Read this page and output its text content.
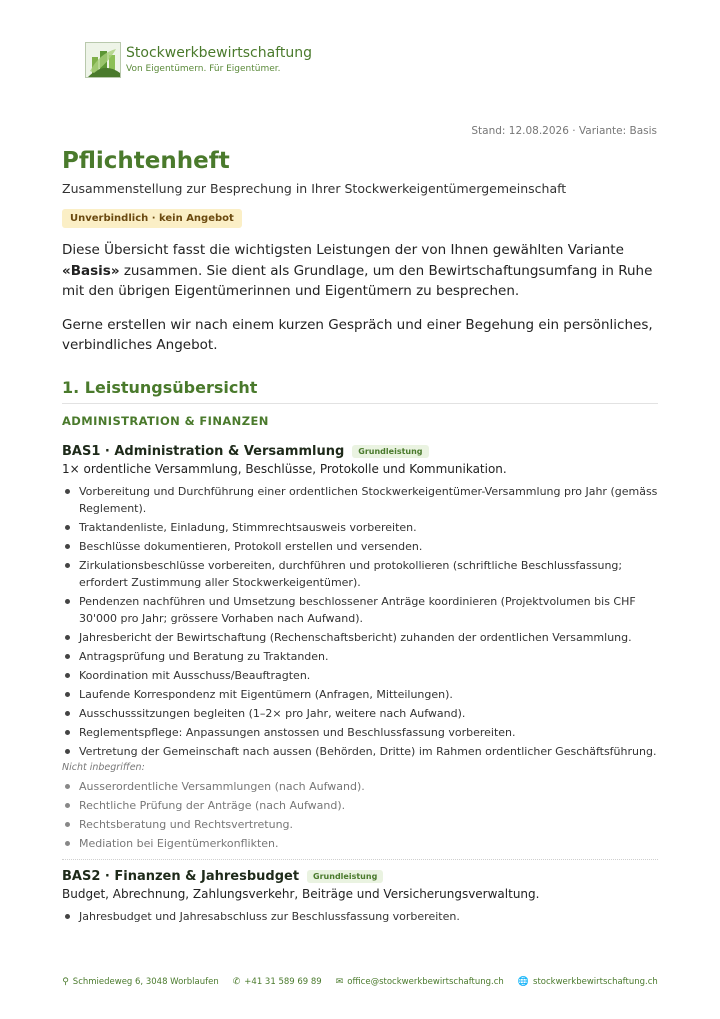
Stockwerkbewirtschaftung
Von Eigentümern. Für Eigentümer.
Stand: 12.08.2026 · Variante: Basis
Pflichtenheft
Zusammenstellung zur Besprechung in Ihrer Stockwerkeigentümergemeinschaft
Unverbindlich · kein Angebot
Diese Übersicht fasst die wichtigsten Leistungen der von Ihnen gewählten Variante «Basis» zusammen. Sie dient als Grundlage, um den Bewirtschaftungsumfang in Ruhe mit den übrigen Eigentümerinnen und Eigentümern zu besprechen.
Gerne erstellen wir nach einem kurzen Gespräch und einer Begehung ein persönliches, verbindliches Angebot.
1. Leistungsübersicht
ADMINISTRATION & FINANZEN
BAS1 · Administration & Versammlung	Grundleistung
1× ordentliche Versammlung, Beschlüsse, Protokolle und Kommunikation.
Vorbereitung und Durchführung einer ordentlichen Stockwerkeigentümer-Versammlung pro Jahr (gemäss Reglement).
Traktandenliste, Einladung, Stimmrechtsausweis vorbereiten.
Beschlüsse dokumentieren, Protokoll erstellen und versenden.
Zirkulationsbeschlüsse vorbereiten, durchführen und protokollieren (schriftliche Beschlussfassung; erfordert Zustimmung aller Stockwerkeigentümer).
Pendenzen nachführen und Umsetzung beschlossener Anträge koordinieren (Projektvolumen bis CHF 30'000 pro Jahr; grössere Vorhaben nach Aufwand).
Jahresbericht der Bewirtschaftung (Rechenschaftsbericht) zuhanden der ordentlichen Versammlung.
Antragsprüfung und Beratung zu Traktanden.
Koordination mit Ausschuss/Beauftragten.
Laufende Korrespondenz mit Eigentümern (Anfragen, Mitteilungen).
Ausschusssitzungen begleiten (1–2× pro Jahr, weitere nach Aufwand).
Reglementspflege: Anpassungen anstossen und Beschlussfassung vorbereiten.
Vertretung der Gemeinschaft nach aussen (Behörden, Dritte) im Rahmen ordentlicher Geschäftsführung.
Nicht inbegriffen:
Ausserordentliche Versammlungen (nach Aufwand).
Rechtliche Prüfung der Anträge (nach Aufwand).
Rechtsberatung und Rechtsvertretung.
Mediation bei Eigentümerkonflikten.
BAS2 · Finanzen & Jahresbudget	Grundleistung
Budget, Abrechnung, Zahlungsverkehr, Beiträge und Versicherungsverwaltung.
Jahresbudget und Jahresabschluss zur Beschlussfassung vorbereiten.
⚲ Schmiedeweg 6, 3048 Worblaufen ✆ +41 31 589 69 89 ✉ office@stockwerkbewirtschaftung.ch 🌐 stockwerkbewirtschaftung.ch
